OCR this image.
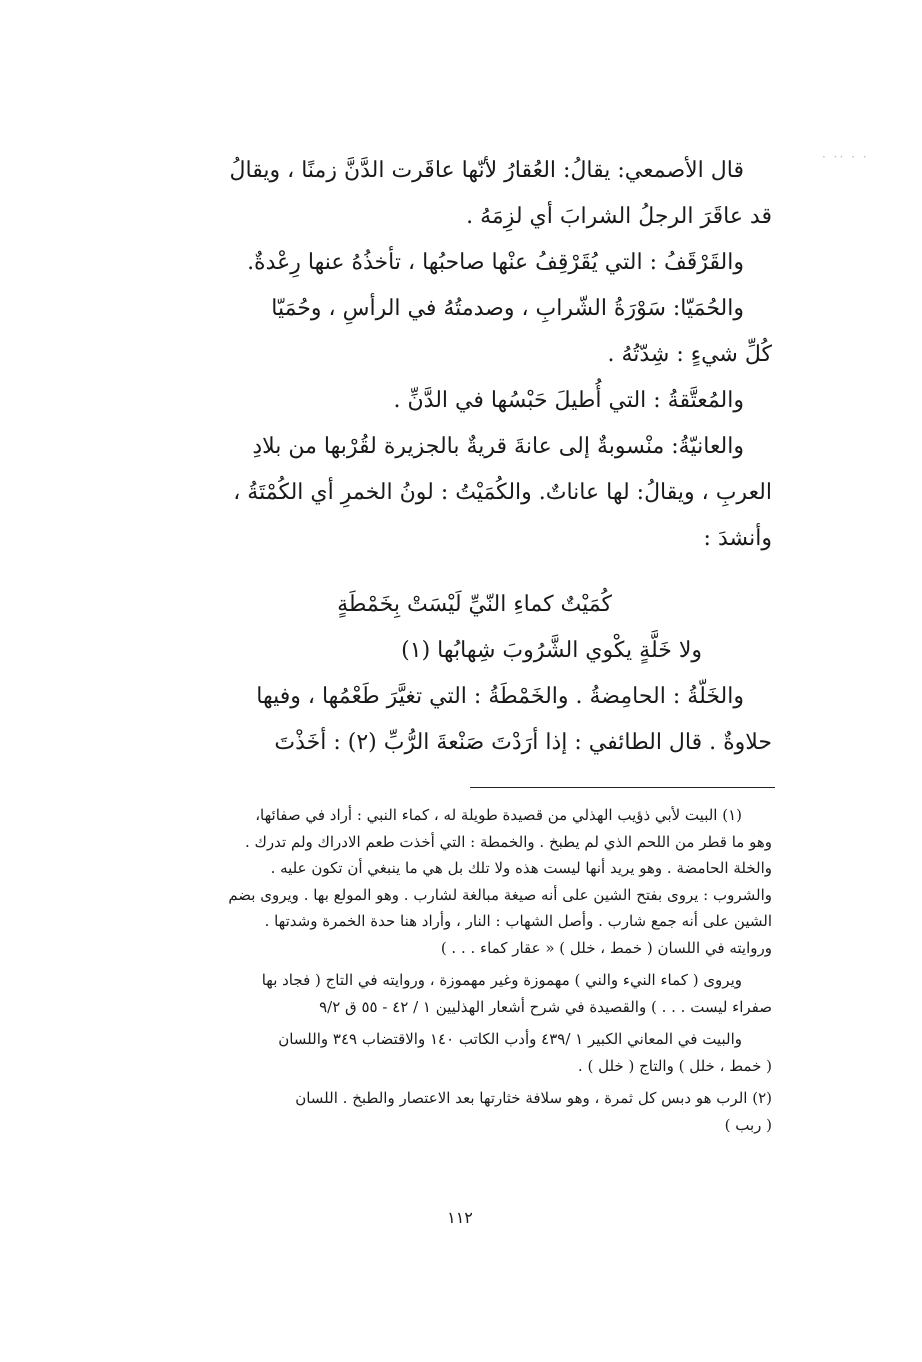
· ·· · ·
قال الأصمعي: يقالُ: العُقارُ لأنّها عاقَرت الدَّنَّ زمنًا ، ويقالُ
قد عاقَرَ الرجلُ الشرابَ أي لزِمَهُ .
والقَرْقَفُ : التي يُقَرْقِفُ عنْها صاحبُها ، تأخذُهُ عنها رِعْدةٌ.
والحُمَيّا: سَوْرَةُ الشّرابِ ، وصدمتُهُ في الرأسِ ، وحُمَيّا
كُلِّ شيءٍ : شِدّتُهُ .
والمُعتَّقةُ : التي أُطيلَ حَبْسُها في الدَّنِّ .
والعانيّةُ: منْسوبةٌ إلى عانةَ قريةٌ بالجزيرة لقُرْبها من بلادِ
العربِ ، ويقالُ: لها عاناتٌ. والكُمَيْتُ : لونُ الخمرِ أي الكُمْتَةُ ،
وأنشدَ :
كُمَيْتٌ كماءِ النّيِّ لَيْسَتْ بِخَمْطَةٍ
ولا خَلَّةٍ يكْوي الشَّرُوبَ شِهابُها (١)
والخَلّةُ : الحامِضةُ . والخَمْطَةُ : التي تغيَّرَ طَعْمُها ، وفيها
حلاوةٌ . قال الطائفي : إذا أرَدْتَ صَنْعةَ الرُّبِّ (٢) : أخَذْتَ
(١) البيت لأبي ذؤيب الهذلي من قصيدة طويلة له ، كماء النبي : أراد في صفائها،
وهو ما قطر من اللحم الذي لم يطبخ . والخمطة : التي أخذت طعم الادراك ولم تدرك .
والخلة الحامضة . وهو يريد أنها ليست هذه ولا تلك بل هي ما ينبغي أن تكون عليه .
والشروب : يروى بفتح الشين على أنه صيغة مبالغة لشارب . وهو المولع بها . ويروى بضم
الشين على أنه جمع شارب . وأصل الشهاب : النار ، وأراد هنا حدة الخمرة وشدتها .
وروايته في اللسان ( خمط ، خلل ) « عقار كماء . . . )
ويروى ( كماء النيء والني ) مهموزة وغير مهموزة ، وروايته في التاج ( فجاد بها
صفراء ليست . . . ) والقصيدة في شرح أشعار الهذليين ١ / ٤٢ - ٥٥ ق ٩/٢
والبيت في المعاني الكبير ١ /٤٣٩ وأدب الكاتب ١٤٠ والاقتضاب ٣٤٩ واللسان
( خمط ، خلل ) والتاج ( خلل ) .
(٢) الرب هو دبس كل ثمرة ، وهو سلافة خثارتها بعد الاعتصار والطبخ . اللسان
( ربب )
١١٢
